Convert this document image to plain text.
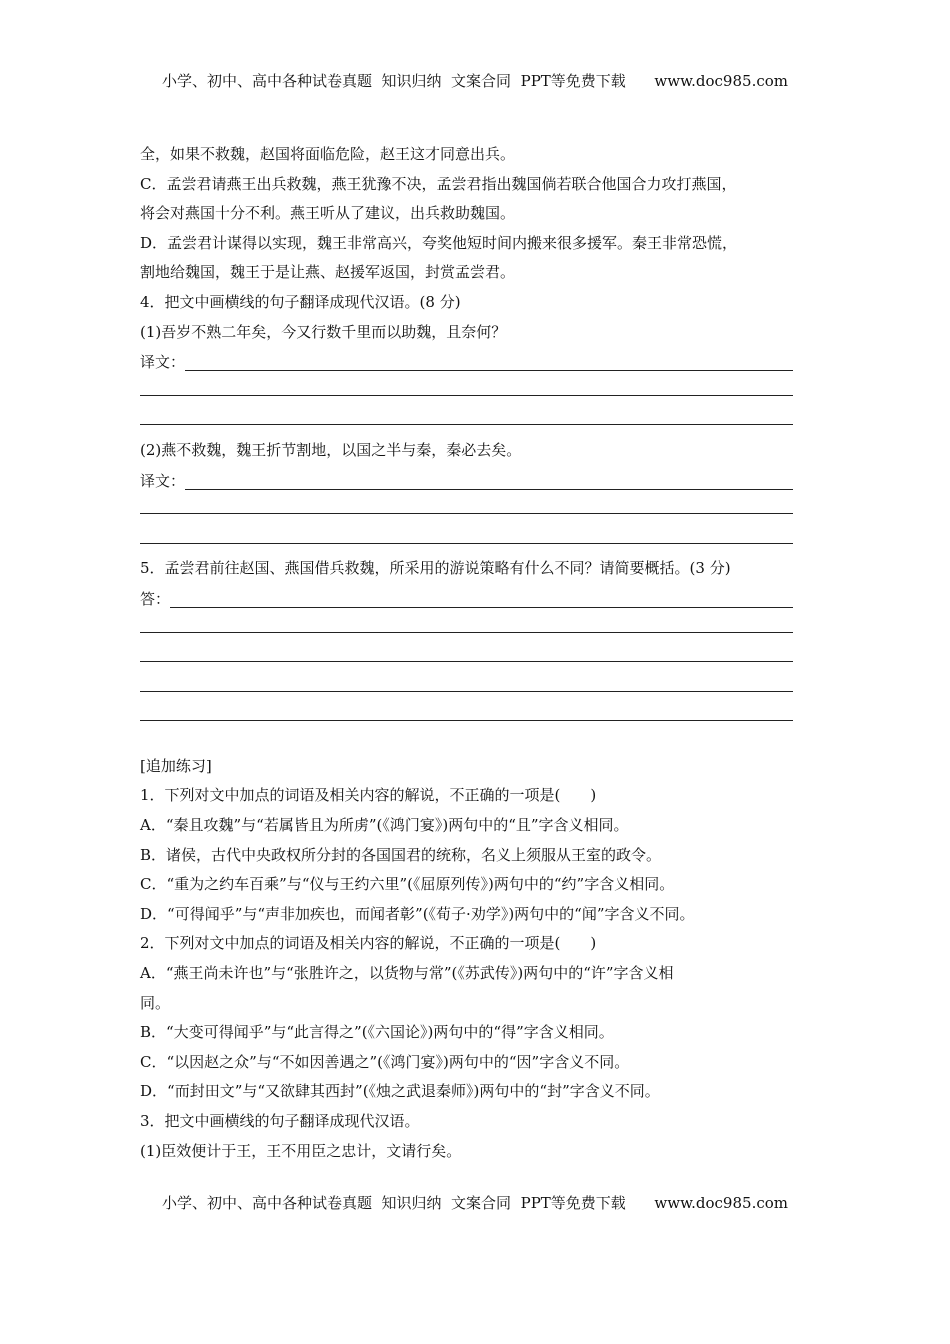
小学、初中、高中各种试卷真题  知识归纳  文案合同  PPT等免费下载      www.doc985.com
全，如果不救魏，赵国将面临危险，赵王这才同意出兵。
C．孟尝君请燕王出兵救魏，燕王犹豫不决，孟尝君指出魏国倘若联合他国合力攻打燕国，
将会对燕国十分不利。燕王听从了建议，出兵救助魏国。
D．孟尝君计谋得以实现，魏王非常高兴，夸奖他短时间内搬来很多援军。秦王非常恐慌，
割地给魏国，魏王于是让燕、赵援军返国，封赏孟尝君。
4．把文中画横线的句子翻译成现代汉语。(8 分)
(1)吾岁不熟二年矣，今又行数千里而以助魏，且奈何？
译文：
(2)燕不救魏，魏王折节割地，以国之半与秦，秦必去矣。
译文：
5．孟尝君前往赵国、燕国借兵救魏，所采用的游说策略有什么不同？请简要概括。(3 分)
答：
[追加练习]
1．下列对文中加点的词语及相关内容的解说，不正确的一项是(　　)
A．“秦且攻魏”与“若属皆且为所虏”(《鸿门宴》)两句中的“且”字含义相同。
B．诸侯，古代中央政权所分封的各国国君的统称，名义上须服从王室的政令。
C．“重为之约车百乘”与“仪与王约六里”(《屈原列传》)两句中的“约”字含义相同。
D．“可得闻乎”与“声非加疾也，而闻者彰”(《荀子·劝学》)两句中的“闻”字含义不同。
2．下列对文中加点的词语及相关内容的解说，不正确的一项是(　　)
A．“燕王尚未许也”与“张胜许之，以货物与常”(《苏武传》)两句中的“许”字含义相
同。
B．“大变可得闻乎”与“此言得之”(《六国论》)两句中的“得”字含义相同。
C．“以因赵之众”与“不如因善遇之”(《鸿门宴》)两句中的“因”字含义不同。
D．“而封田文”与“又欲肆其西封”(《烛之武退秦师》)两句中的“封”字含义不同。
3．把文中画横线的句子翻译成现代汉语。
(1)臣效便计于王，王不用臣之忠计，文请行矣。
小学、初中、高中各种试卷真题  知识归纳  文案合同  PPT等免费下载      www.doc985.com
